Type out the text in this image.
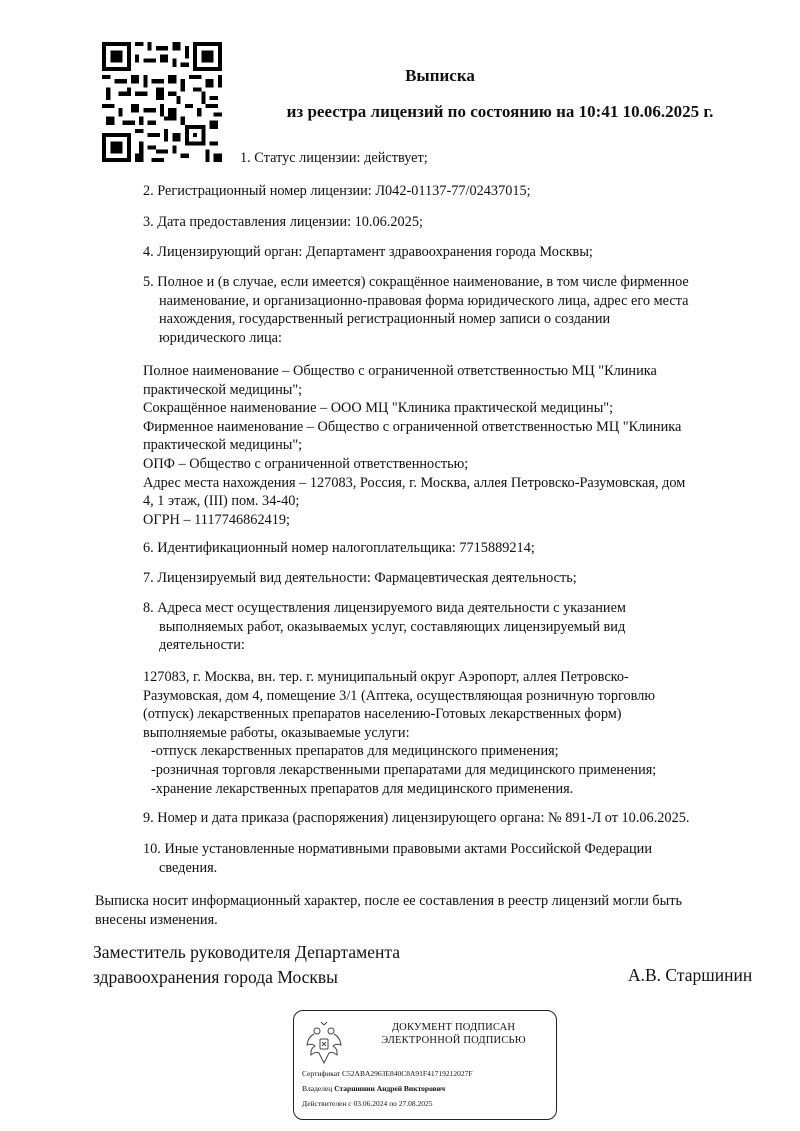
Выписка
из реестра лицензий по состоянию на 10:41 10.06.2025 г.
1. Статус лицензии: действует;
2. Регистрационный номер лицензии: Л042-01137-77/02437015;
3. Дата предоставления лицензии: 10.06.2025;
4. Лицензирующий орган: Департамент здравоохранения города Москвы;
5. Полное и (в случае, если имеется) сокращённое наименование, в том числе фирменное
наименование, и организационно-правовая форма юридического лица, адрес его места
нахождения, государственный регистрационный номер записи о создании
юридического лица:
Полное наименование – Общество с ограниченной ответственностью МЦ "Клиника
практической медицины";
Сокращённое наименование – ООО МЦ "Клиника практической медицины";
Фирменное наименование – Общество с ограниченной ответственностью МЦ "Клиника
практической медицины";
ОПФ – Общество с ограниченной ответственностью;
Адрес места нахождения – 127083, Россия, г. Москва, аллея Петровско-Разумовская, дом
4, 1 этаж, (III) пом. 34-40;
ОГРН – 1117746862419;
6. Идентификационный номер налогоплательщика: 7715889214;
7. Лицензируемый вид деятельности: Фармацевтическая деятельность;
8. Адреса мест осуществления лицензируемого вида деятельности с указанием
выполняемых работ, оказываемых услуг, составляющих лицензируемый вид
деятельности:
127083, г. Москва, вн. тер. г. муниципальный округ Аэропорт, аллея Петровско-
Разумовская, дом 4, помещение 3/1 (Аптека, осуществляющая розничную торговлю
(отпуск) лекарственных препаратов населению-Готовых лекарственных форм)
выполняемые работы, оказываемые услуги:
-отпуск лекарственных препаратов для медицинского применения;
-розничная торговля лекарственными препаратами для медицинского применения;
-хранение лекарственных препаратов для медицинского применения.
9. Номер и дата приказа (распоряжения) лицензирующего органа: № 891-Л от 10.06.2025.
10. Иные установленные нормативными правовыми актами Российской Федерации
сведения.
Выписка носит информационный характер, после ее составления в реестр лицензий могли быть
внесены изменения.
Заместитель руководителя Департамента
здравоохранения города Москвы	А.В. Старшинин
ДОКУМЕНТ ПОДПИСАН
ЭЛЕКТРОННОЙ ПОДПИСЬЮ
Сертификат C52ABA2963E840C8A91F41719212027F
Владелец Старшинин Андрей Викторович
Действителен с 03.06.2024 по 27.08.2025
